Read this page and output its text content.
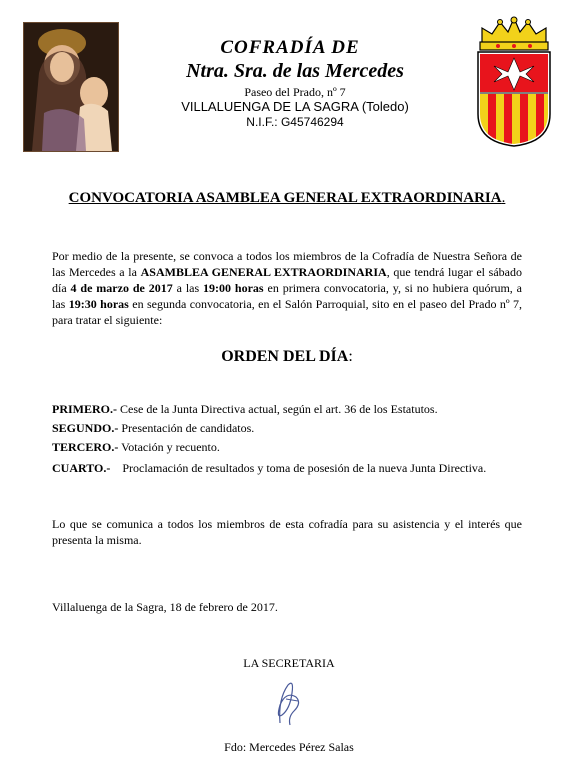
COFRADÍA DE
Ntra. Sra. de las Mercedes
Paseo del Prado, nº 7
VILLALUENGA DE LA SAGRA (Toledo)
N.I.F.: G45746294
CONVOCATORIA ASAMBLEA GENERAL EXTRAORDINARIA.
Por medio de la presente, se convoca a todos los miembros de la Cofradía de Nuestra Señora de las Mercedes a la ASAMBLEA GENERAL EXTRAORDINARIA, que tendrá lugar el sábado día 4 de marzo de 2017 a las 19:00 horas en primera convocatoria, y, si no hubiera quórum, a las 19:30 horas en segunda convocatoria, en el Salón Parroquial, sito en el paseo del Prado nº 7, para tratar el siguiente:
ORDEN DEL DÍA:
PRIMERO.- Cese de la Junta Directiva actual, según el art. 36 de los Estatutos.
SEGUNDO.- Presentación de candidatos.
TERCERO.- Votación y recuento.
CUARTO.-    Proclamación de resultados y toma de posesión de la nueva Junta Directiva.
Lo que se comunica a todos los miembros de esta cofradía para su asistencia y el interés que presenta la misma.
Villaluenga de la Sagra, 18 de febrero de 2017.
LA SECRETARIA
Fdo: Mercedes Pérez Salas
